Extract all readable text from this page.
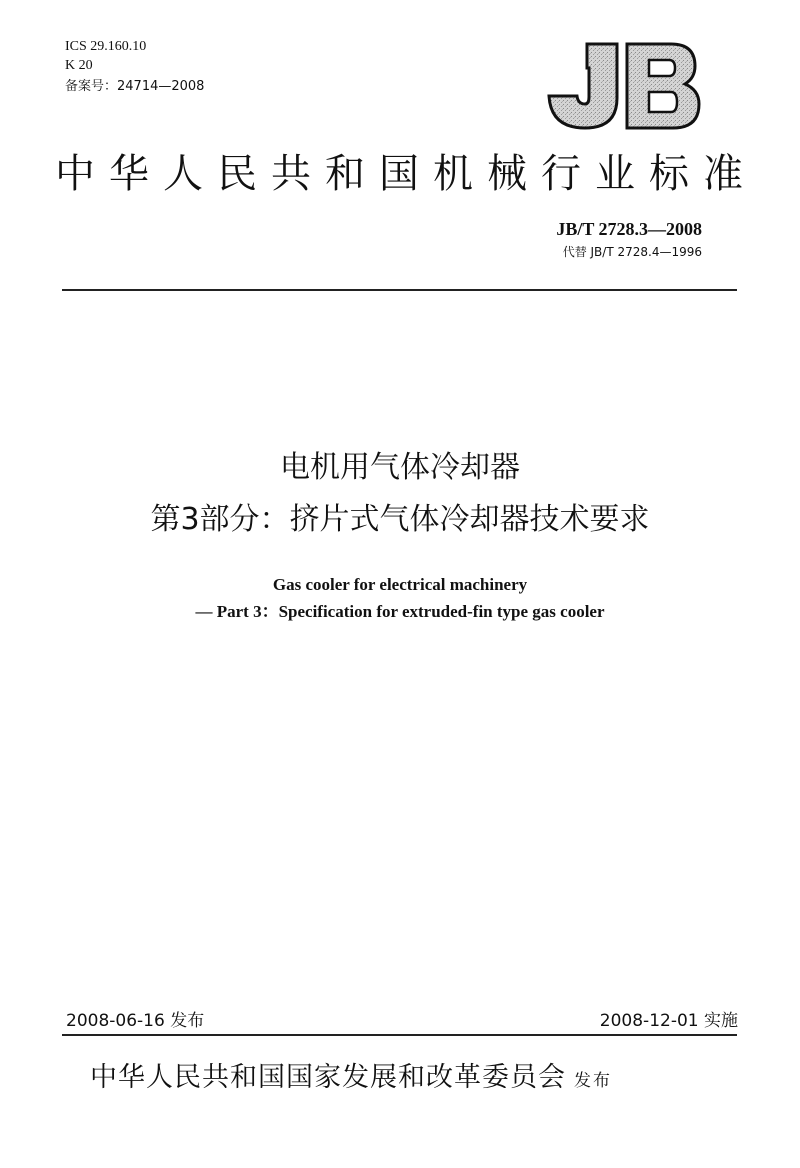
ICS 29.160.10
K 20
备案号：24714—2008
中华人民共和国机械行业标准
JB/T 2728.3—2008
代替 JB/T 2728.4—1996
电机用气体冷却器
第3部分：挤片式气体冷却器技术要求
Gas cooler for electrical machinery
— Part 3：Specification for extruded-fin type gas cooler
2008-06-16 发布	2008-12-01 实施
中华人民共和国国家发展和改革委员会 发布
